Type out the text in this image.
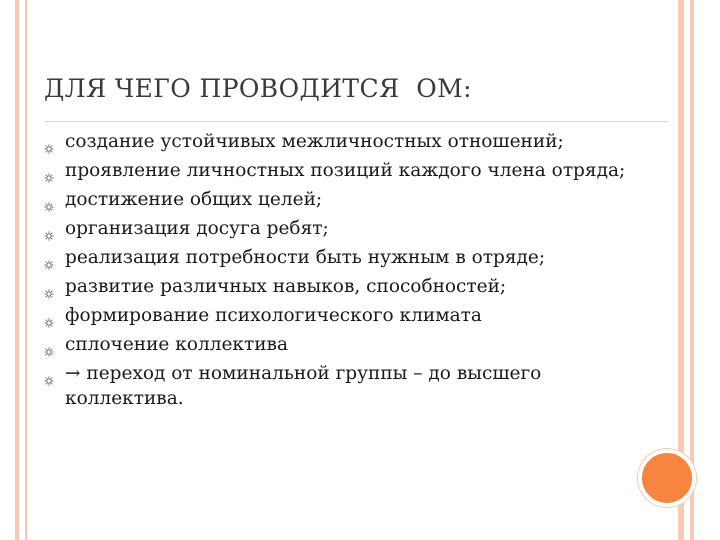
ДЛЯ ЧЕГО ПРОВОДИТСЯ  ОМ:
создание устойчивых межличностных отношений;
проявление личностных позиций каждого члена отряда;
достижение общих целей;
организация досуга ребят;
реализация потребности быть нужным в отряде;
развитие различных навыков, способностей;
формирование психологического климата
сплочение коллектива
→ переход от номинальной группы – до высшего коллектива.
